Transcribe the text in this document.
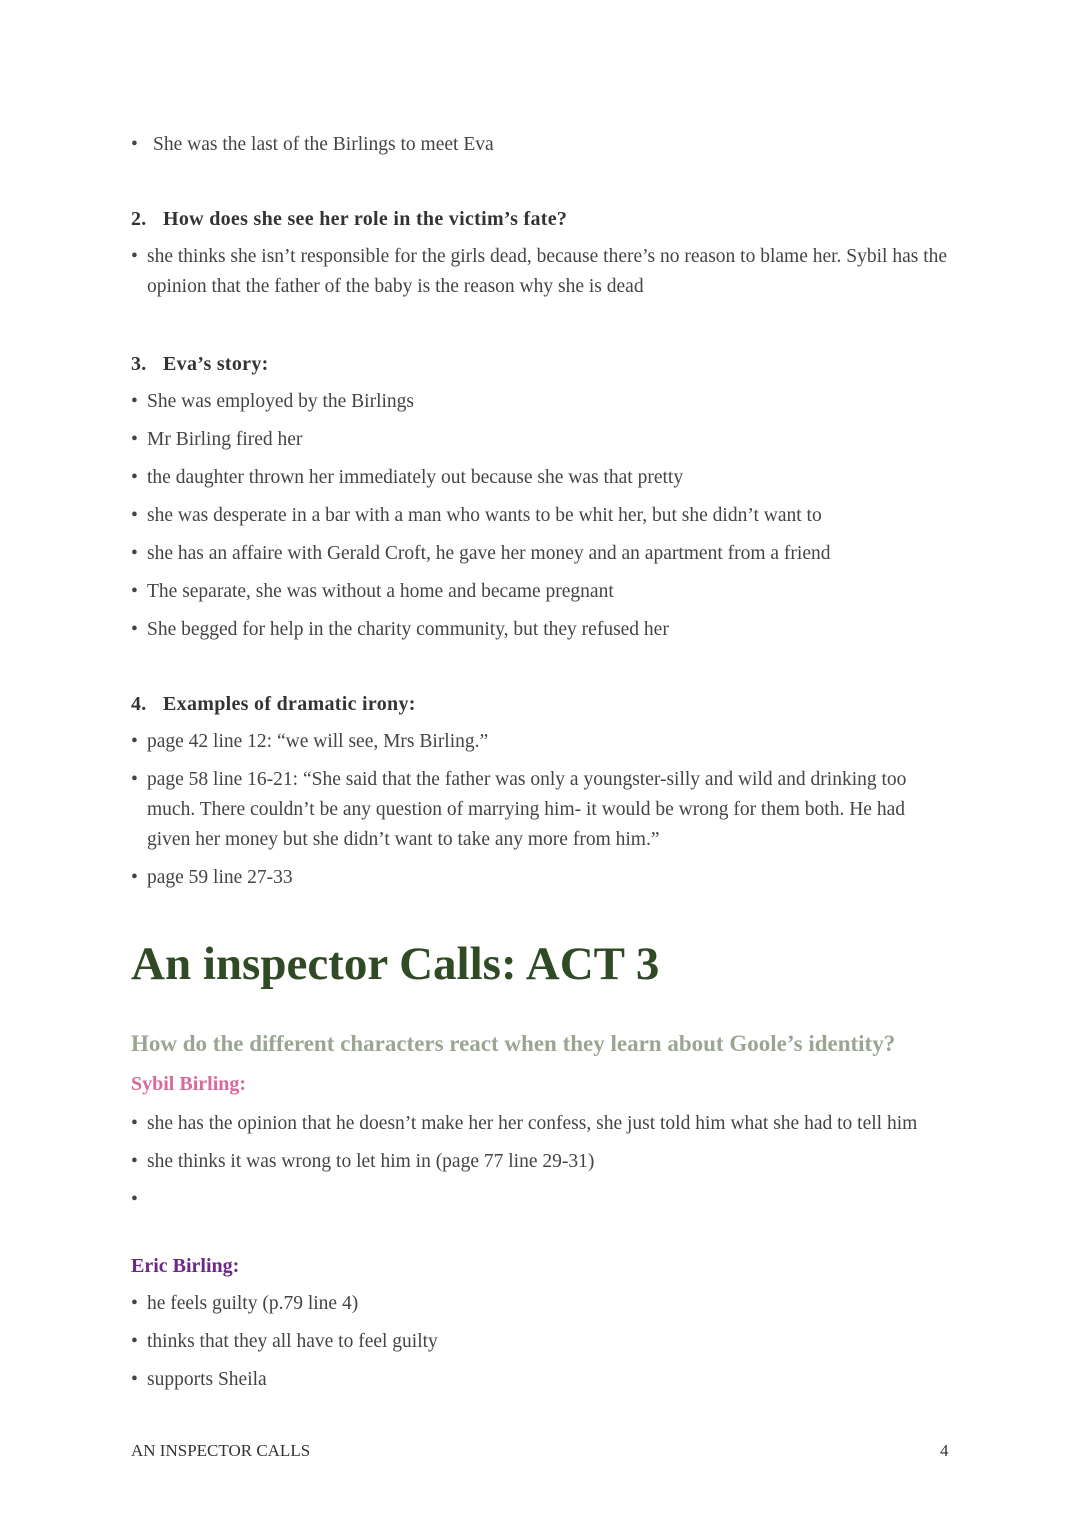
• She was the last of the Birlings to meet Eva
2. How does she see her role in the victim’s fate?
• she thinks she isn’t responsible for the girls dead, because there’s no reason to blame her. Sybil has the opinion that the father of the baby is the reason why she is dead
3. Eva’s story:
• She was employed by the Birlings
• Mr Birling fired her
• the daughter thrown her immediately out because she was that pretty
• she was desperate in a bar with a man who wants to be whit her, but she didn’t want to
• she has an affaire with Gerald Croft, he gave her money and an apartment from a friend
• The separate, she was without a home and became pregnant
• She begged for help in the charity community, but they refused her
4. Examples of dramatic irony:
• page 42 line 12: “we will see, Mrs Birling.”
• page 58 line 16-21: “She said that the father was only a youngster-silly and wild and drinking too much. There couldn’t be any question of marrying him- it would be wrong for them both. He had given her money but she didn’t want to take any more from him.”
• page 59 line 27-33
An inspector Calls: ACT 3
How do the different characters react when they learn about Goole’s identity?
Sybil Birling:
• she has the opinion that he doesn’t make her her confess, she just told him what she had to tell him
• she thinks it was wrong to let him in (page 77 line 29-31)
•
Eric Birling:
• he feels guilty (p.79 line 4)
• thinks that they all have to feel guilty
• supports Sheila
AN INSPECTOR CALLS	4
